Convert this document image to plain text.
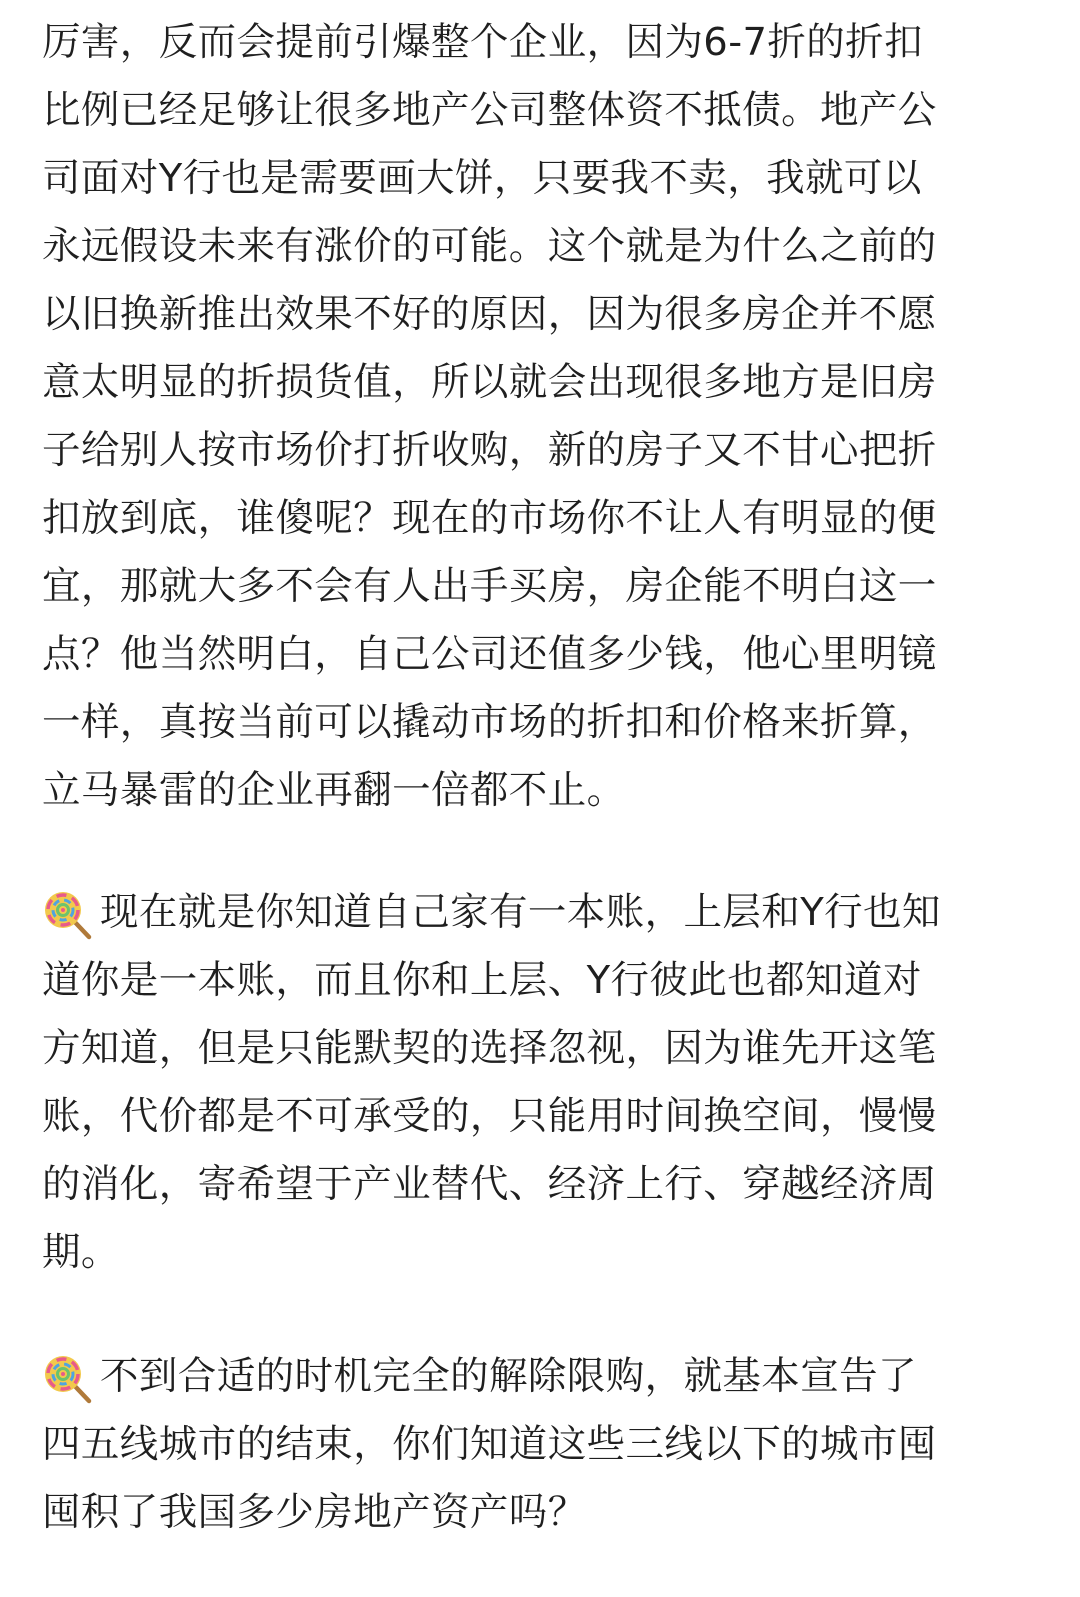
厉害，反而会提前引爆整个企业，因为6-7折的折扣
比例已经足够让很多地产公司整体资不抵债。地产公
司面对Y行也是需要画大饼，只要我不卖，我就可以
永远假设未来有涨价的可能。这个就是为什么之前的
以旧换新推出效果不好的原因，因为很多房企并不愿
意太明显的折损货值，所以就会出现很多地方是旧房
子给别人按市场价打折收购，新的房子又不甘心把折
扣放到底，谁傻呢？现在的市场你不让人有明显的便
宜，那就大多不会有人出手买房，房企能不明白这一
点？他当然明白，自己公司还值多少钱，他心里明镜
一样，真按当前可以撬动市场的折扣和价格来折算，
立马暴雷的企业再翻一倍都不止。
现在就是你知道自己家有一本账，上层和Y行也知
道你是一本账，而且你和上层、Y行彼此也都知道对
方知道，但是只能默契的选择忽视，因为谁先开这笔
账，代价都是不可承受的，只能用时间换空间，慢慢
的消化，寄希望于产业替代、经济上行、穿越经济周
期。
不到合适的时机完全的解除限购，就基本宣告了
四五线城市的结束，你们知道这些三线以下的城市囤
囤积了我国多少房地产资产吗？
